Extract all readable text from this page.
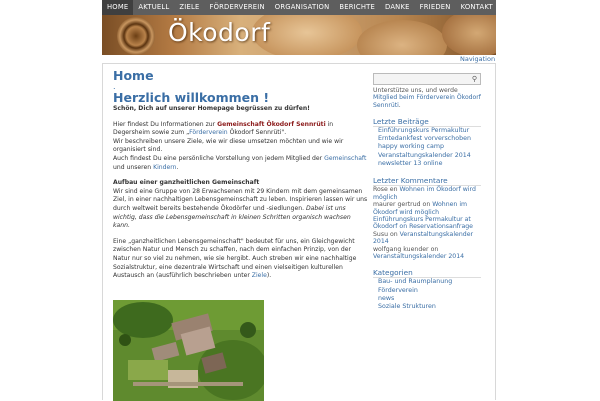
HOME	AKTUELL	ZIELE	FÖRDERVEREIN	ORGANISATION	BERICHTE	DANKE	FRIEDEN	KONTAKT
Ökodorf
Navigation
Home
.
Herzlich willkommen !

Schön, Dich auf unserer Homepage begrüssen zu dürfen!

Hier findest Du Informationen zur Gemeinschaft Ökodorf Sennrüti in Degersheim sowie zum „Förderverein Ökodorf Sennrüti".
Wir beschreiben unsere Ziele, wie wir diese umsetzen möchten und wie wir organisiert sind.
Auch findest Du eine persönliche Vorstellung von jedem Mitglied der Gemeinschaft und unseren Kindern.

Aufbau einer ganzheitlichen Gemeinschaft

Wir sind eine Gruppe von 28 Erwachsenen mit 29 Kindern mit dem gemeinsamen Ziel, in einer nachhaltigen Lebensgemeinschaft zu leben. Inspirieren lassen wir uns durch weltweit bereits bestehende Ökodörfer und -siedlungen. Dabei ist uns wichtig, dass die Lebensgemeinschaft in kleinen Schritten organisch wachsen kann.

Eine „ganzheitlichen Lebensgemeinschaft" bedeutet für uns, ein Gleichgewicht zwischen Natur und Mensch zu schaffen, nach dem einfachen Prinzip, von der Natur nur so viel zu nehmen, wie sie hergibt. Auch streben wir eine nachhaltige Sozialstruktur, eine dezentrale Wirtschaft und einen vielseitigen kulturellen Austausch an (ausführlich beschrieben unter Ziele).

⚲
Unterstütze uns, und werde Mitglied beim Förderverein Ökodorf Sennrüti.
Letzte Beiträge
Einführungskurs Permakultur
Erntedankfest vorverschoben
happy working camp
Veranstaltungskalender 2014
newsletter 13 online
Letzter Kommentare
Rose en Wohnen im Ökodorf wird möglich
maurer gertrud on Wohnen im Ökodorf wird möglich
Einführungskurs Permakultur at Ökodorf on Reservationsanfrage
Susu on Veranstaltungskalender 2014
wolfgang kuender on Veranstaltungskalender 2014
Kategorien
Bau- und Raumplanung
Förderverein
news
Soziale Strukturen
